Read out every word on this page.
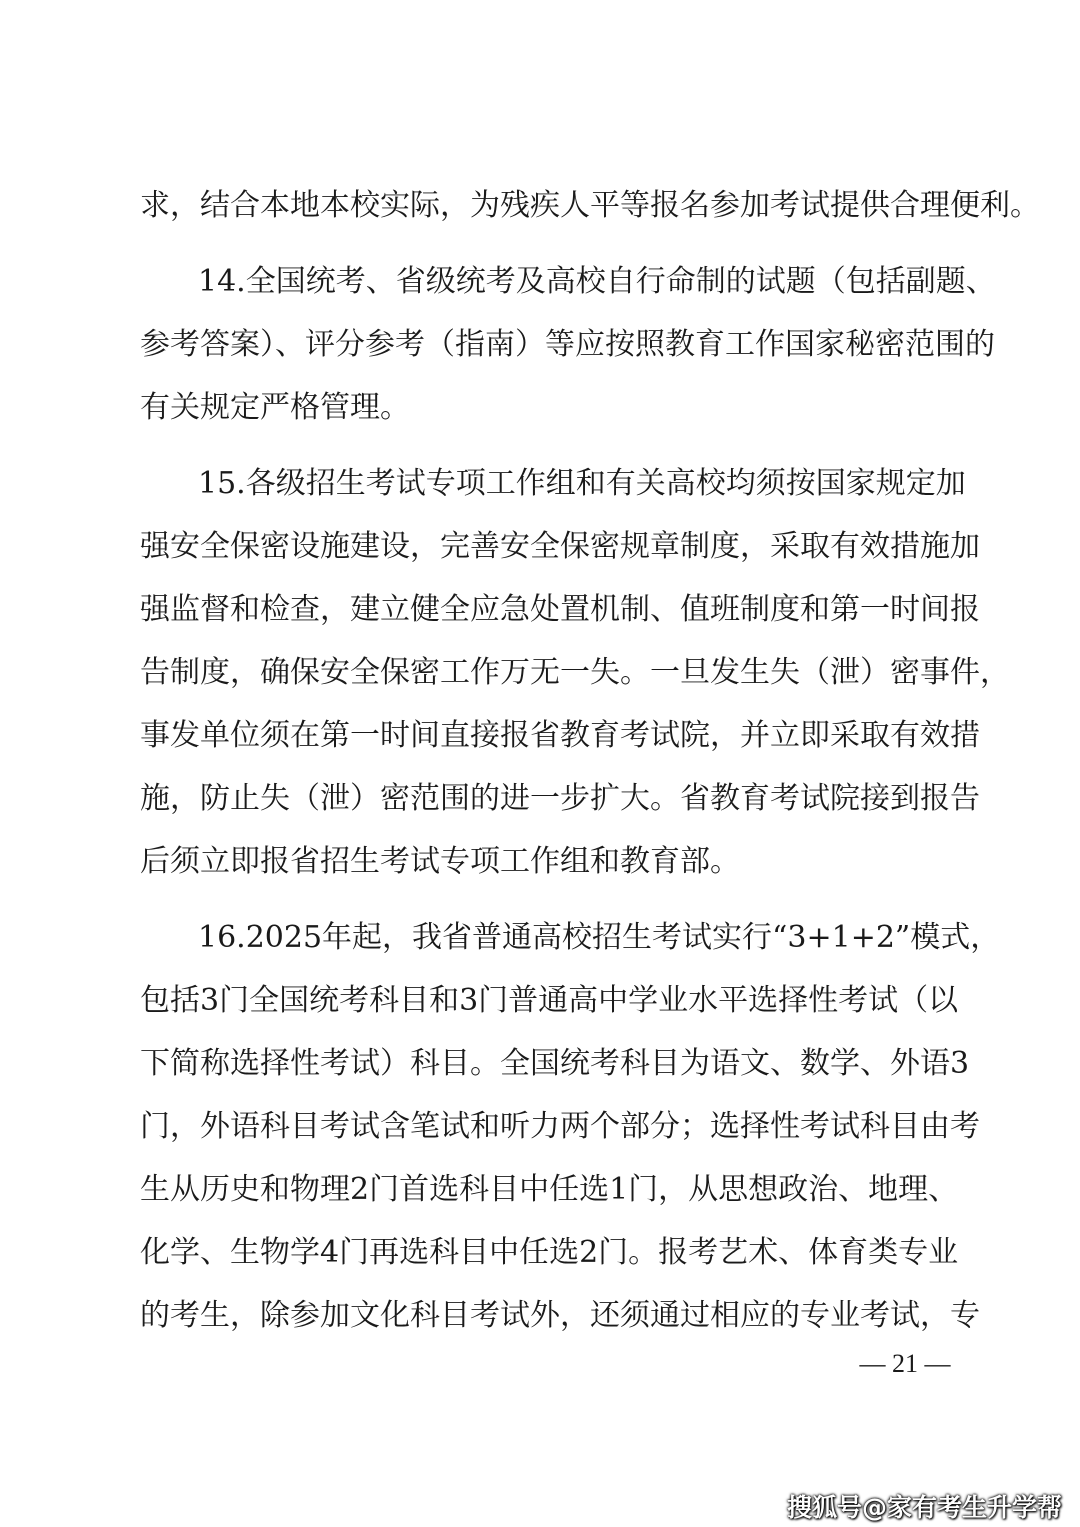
求，结合本地本校实际，为残疾人平等报名参加考试提供合理便利。
14.全国统考、省级统考及高校自行命制的试题（包括副题、
参考答案）、评分参考（指南）等应按照教育工作国家秘密范围的
有关规定严格管理。
15.各级招生考试专项工作组和有关高校均须按国家规定加
强安全保密设施建设，完善安全保密规章制度，采取有效措施加
强监督和检查，建立健全应急处置机制、值班制度和第一时间报
告制度，确保安全保密工作万无一失。一旦发生失（泄）密事件，
事发单位须在第一时间直接报省教育考试院，并立即采取有效措
施，防止失（泄）密范围的进一步扩大。省教育考试院接到报告
后须立即报省招生考试专项工作组和教育部。
16.2025年起，我省普通高校招生考试实行“3+1+2”模式，
包括3门全国统考科目和3门普通高中学业水平选择性考试（以
下简称选择性考试）科目。全国统考科目为语文、数学、外语3
门，外语科目考试含笔试和听力两个部分；选择性考试科目由考
生从历史和物理2门首选科目中任选1门，从思想政治、地理、
化学、生物学4门再选科目中任选2门。报考艺术、体育类专业
的考生，除参加文化科目考试外，还须通过相应的专业考试，专
— 21 —
搜狐号@家有考生升学帮
